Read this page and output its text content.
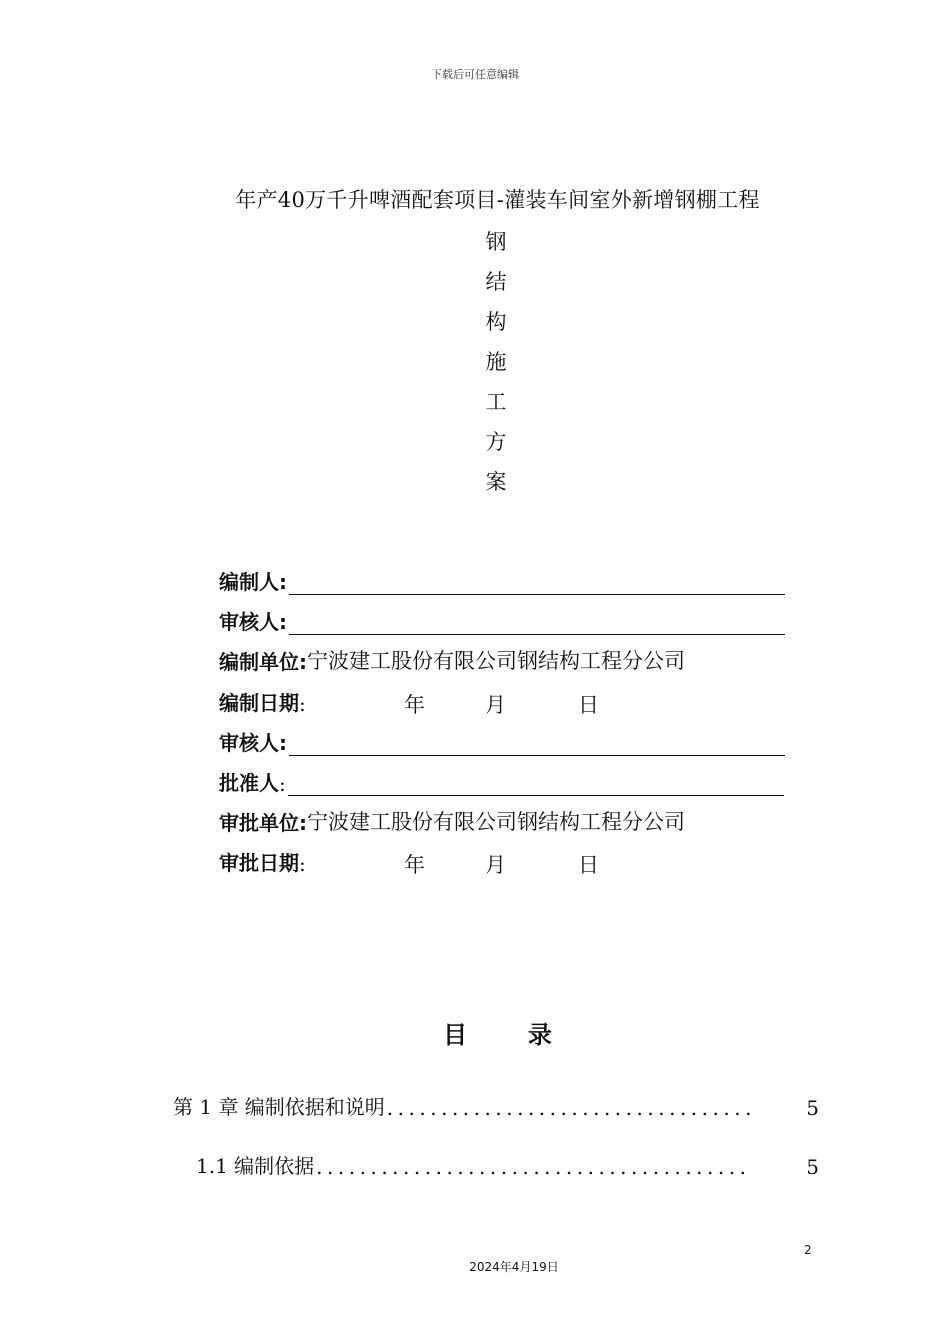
下载后可任意编辑
年产40万千升啤酒配套项目-灌装车间室外新增钢棚工程
钢
结
构
施
工
方
案
编制人:
审核人:
编制单位: 宁波建工股份有限公司钢结构工程分公司
编制日期 :	年	月	日
审核人:
批准人 :
审批单位: 宁波建工股份有限公司钢结构工程分公司
审批日期 :	年	月	日
目	录
第 1 章 编制依据和说明 ..................................	5
1.1 编制依据 ........................................	5
2
2024年4月19日
